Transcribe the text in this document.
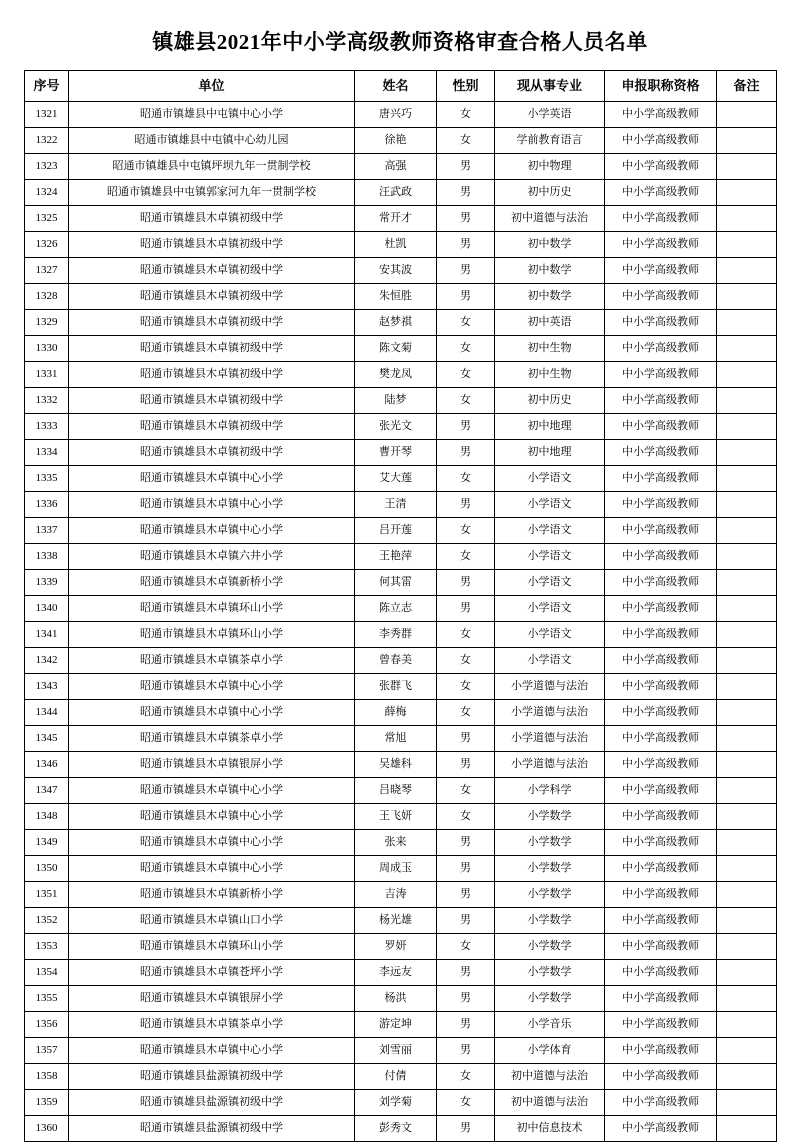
镇雄县2021年中小学高级教师资格审查合格人员名单
序号	单位	姓名	性别	现从事专业	申报职称资格	备注
1321	昭通市镇雄县中屯镇中心小学	唐兴巧	女	小学英语	中小学高级教师	
1322	昭通市镇雄县中屯镇中心幼儿园	徐艳	女	学前教育语言	中小学高级教师	
1323	昭通市镇雄县中屯镇坪坝九年一贯制学校	高强	男	初中物理	中小学高级教师	
1324	昭通市镇雄县中屯镇郭家河九年一贯制学校	汪武政	男	初中历史	中小学高级教师	
1325	昭通市镇雄县木卓镇初级中学	常开才	男	初中道德与法治	中小学高级教师	
1326	昭通市镇雄县木卓镇初级中学	杜凯	男	初中数学	中小学高级教师	
1327	昭通市镇雄县木卓镇初级中学	安其波	男	初中数学	中小学高级教师	
1328	昭通市镇雄县木卓镇初级中学	朱恒胜	男	初中数学	中小学高级教师	
1329	昭通市镇雄县木卓镇初级中学	赵梦祺	女	初中英语	中小学高级教师	
1330	昭通市镇雄县木卓镇初级中学	陈文菊	女	初中生物	中小学高级教师	
1331	昭通市镇雄县木卓镇初级中学	樊龙凤	女	初中生物	中小学高级教师	
1332	昭通市镇雄县木卓镇初级中学	陆梦	女	初中历史	中小学高级教师	
1333	昭通市镇雄县木卓镇初级中学	张光文	男	初中地理	中小学高级教师	
1334	昭通市镇雄县木卓镇初级中学	曹开琴	男	初中地理	中小学高级教师	
1335	昭通市镇雄县木卓镇中心小学	艾大莲	女	小学语文	中小学高级教师	
1336	昭通市镇雄县木卓镇中心小学	王清	男	小学语文	中小学高级教师	
1337	昭通市镇雄县木卓镇中心小学	吕开莲	女	小学语文	中小学高级教师	
1338	昭通市镇雄县木卓镇六井小学	王艳萍	女	小学语文	中小学高级教师	
1339	昭通市镇雄县木卓镇新桥小学	何其雷	男	小学语文	中小学高级教师	
1340	昭通市镇雄县木卓镇环山小学	陈立志	男	小学语文	中小学高级教师	
1341	昭通市镇雄县木卓镇环山小学	李秀群	女	小学语文	中小学高级教师	
1342	昭通市镇雄县木卓镇茶卓小学	曾春美	女	小学语文	中小学高级教师	
1343	昭通市镇雄县木卓镇中心小学	张群飞	女	小学道德与法治	中小学高级教师	
1344	昭通市镇雄县木卓镇中心小学	薛梅	女	小学道德与法治	中小学高级教师	
1345	昭通市镇雄县木卓镇茶卓小学	常旭	男	小学道德与法治	中小学高级教师	
1346	昭通市镇雄县木卓镇银屏小学	吴雄科	男	小学道德与法治	中小学高级教师	
1347	昭通市镇雄县木卓镇中心小学	吕晓琴	女	小学科学	中小学高级教师	
1348	昭通市镇雄县木卓镇中心小学	王飞妍	女	小学数学	中小学高级教师	
1349	昭通市镇雄县木卓镇中心小学	张来	男	小学数学	中小学高级教师	
1350	昭通市镇雄县木卓镇中心小学	周成玉	男	小学数学	中小学高级教师	
1351	昭通市镇雄县木卓镇新桥小学	吉涛	男	小学数学	中小学高级教师	
1352	昭通市镇雄县木卓镇山口小学	杨光雄	男	小学数学	中小学高级教师	
1353	昭通市镇雄县木卓镇环山小学	罗妍	女	小学数学	中小学高级教师	
1354	昭通市镇雄县木卓镇苍坪小学	李远友	男	小学数学	中小学高级教师	
1355	昭通市镇雄县木卓镇银屏小学	杨洪	男	小学数学	中小学高级教师	
1356	昭通市镇雄县木卓镇茶卓小学	游定坤	男	小学音乐	中小学高级教师	
1357	昭通市镇雄县木卓镇中心小学	刘雪丽	男	小学体育	中小学高级教师	
1358	昭通市镇雄县盐源镇初级中学	付倩	女	初中道德与法治	中小学高级教师	
1359	昭通市镇雄县盐源镇初级中学	刘学菊	女	初中道德与法治	中小学高级教师	
1360	昭通市镇雄县盐源镇初级中学	彭秀文	男	初中信息技术	中小学高级教师	
